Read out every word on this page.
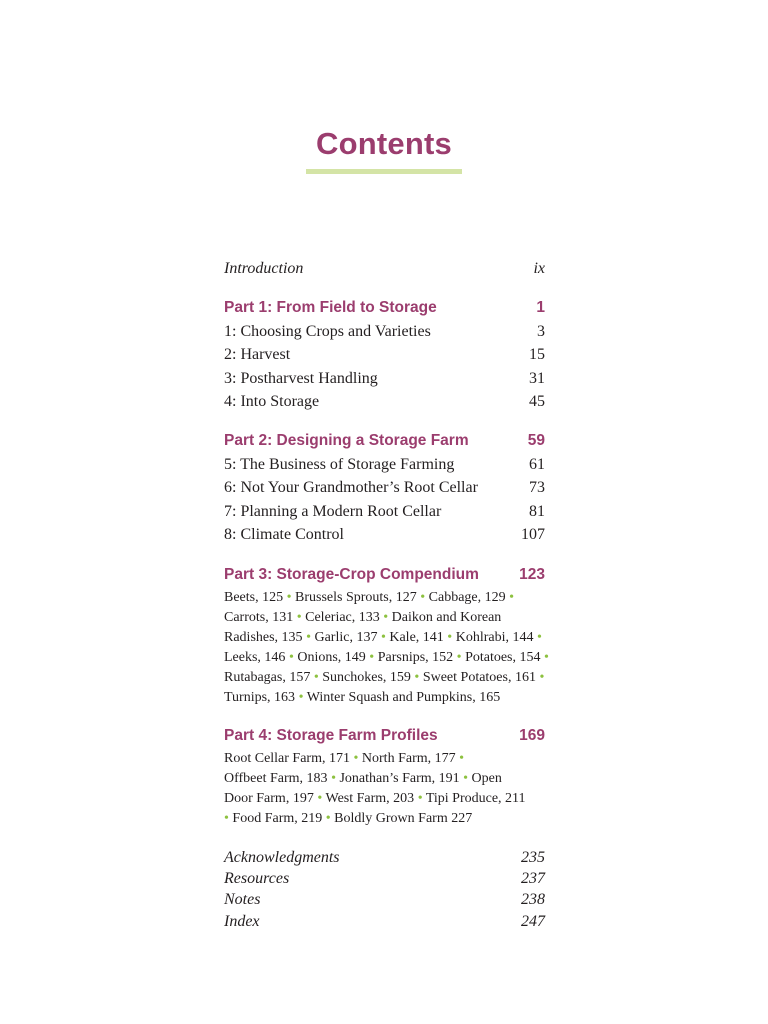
Contents
Introduction	ix
Part 1: From Field to Storage	1
1: Choosing Crops and Varieties	3
2: Harvest	15
3: Postharvest Handling	31
4: Into Storage	45
Part 2: Designing a Storage Farm	59
5: The Business of Storage Farming	61
6: Not Your Grandmother’s Root Cellar	73
7: Planning a Modern Root Cellar	81
8: Climate Control	107
Part 3: Storage-Crop Compendium	123
Beets, 125 • Brussels Sprouts, 127 • Cabbage, 129 •
Carrots, 131 • Celeriac, 133 • Daikon and Korean
Radishes, 135 • Garlic, 137 • Kale, 141 • Kohlrabi, 144 •
Leeks, 146 • Onions, 149 • Parsnips, 152 • Potatoes, 154 •
Rutabagas, 157 • Sunchokes, 159 • Sweet Potatoes, 161 •
Turnips, 163 • Winter Squash and Pumpkins, 165
Part 4: Storage Farm Profiles	169
Root Cellar Farm, 171 • North Farm, 177 •
Offbeet Farm, 183 • Jonathan’s Farm, 191 • Open
Door Farm, 197 • West Farm, 203 • Tipi Produce, 211
• Food Farm, 219 • Boldly Grown Farm 227
Acknowledgments	235
Resources	237
Notes	238
Index	247
